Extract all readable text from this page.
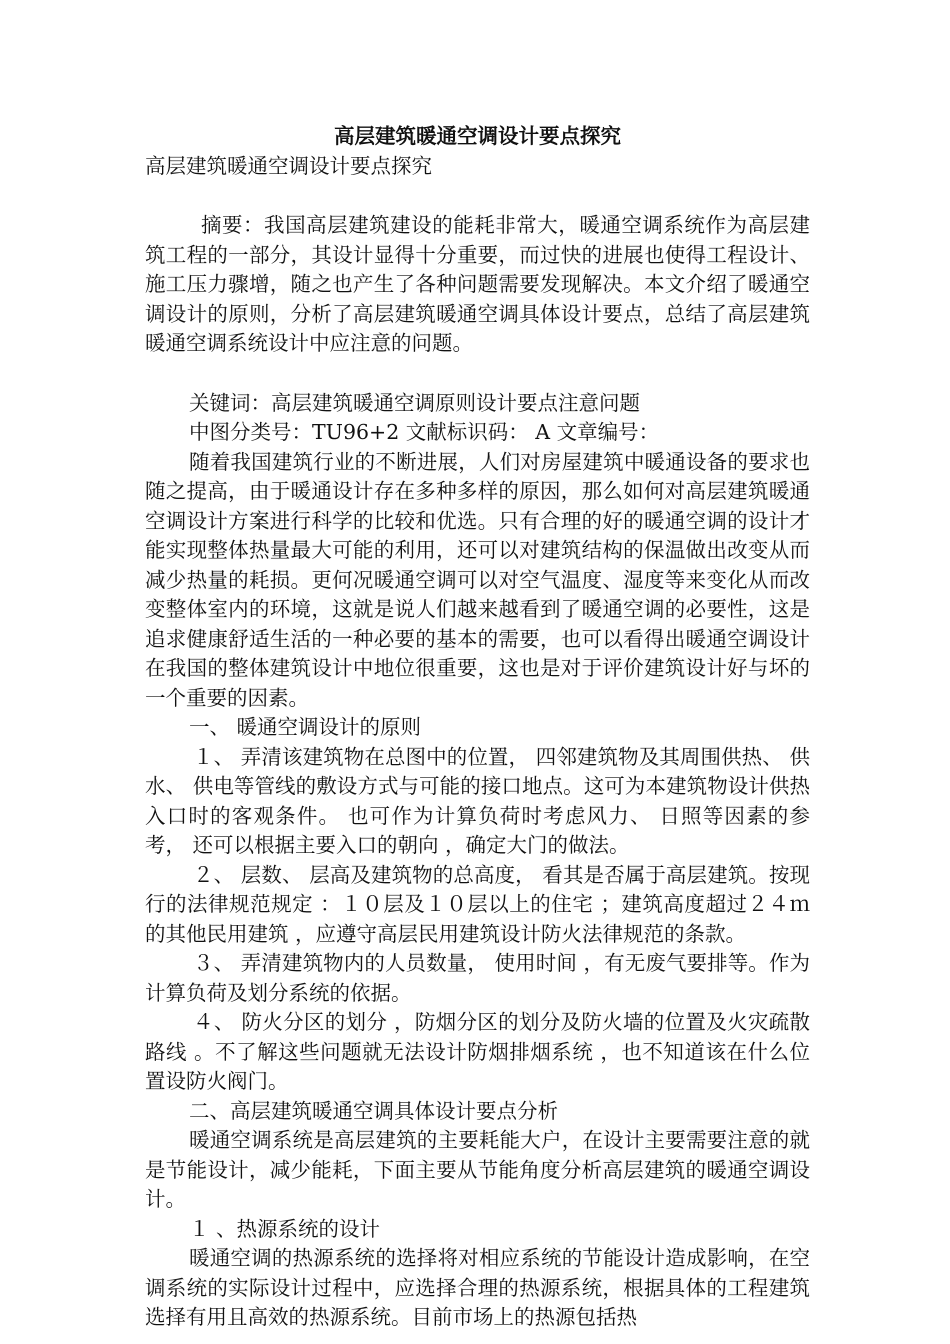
高层建筑暖通空调设计要点探究

高层建筑暖通空调设计要点探究

摘要：我国高层建筑建设的能耗非常大，暖通空调系统作为高层建筑工程的一部分，其设计显得十分重要，而过快的进展也使得工程设计、施工压力骤增，随之也产生了各种问题需要发现解决。本文介绍了暖通空调设计的原则，分析了高层建筑暖通空调具体设计要点，总结了高层建筑暖通空调系统设计中应注意的问题。

关键词：高层建筑暖通空调原则设计要点注意问题

中图分类号：TU96+2 文献标识码： A 文章编号：

随着我国建筑行业的不断进展，人们对房屋建筑中暖通设备的要求也随之提高，由于暖通设计存在多种多样的原因，那么如何对高层建筑暖通空调设计方案进行科学的比较和优选。只有合理的好的暖通空调的设计才能实现整体热量最大可能的利用，还可以对建筑结构的保温做出改变从而减少热量的耗损。更何况暖通空调可以对空气温度、湿度等来变化从而改变整体室内的环境，这就是说人们越来越看到了暖通空调的必要性，这是追求健康舒适生活的一种必要的基本的需要，也可以看得出暖通空调设计在我国的整体建筑设计中地位很重要，这也是对于评价建筑设计好与坏的一个重要的因素。

一、 暖通空调设计的原则

１、 弄清该建筑物在总图中的位置， 四邻建筑物及其周围供热、 供水、 供电等管线的敷设方式与可能的接口地点。这可为本建筑物设计供热入口时的客观条件。 也可作为计算负荷时考虑风力、 日照等因素的参考， 还可以根据主要入口的朝向 ，确定大门的做法。

２、 层数、 层高及建筑物的总高度， 看其是否属于高层建筑。按现行的法律规范规定 ：１０层及１０层以上的住宅 ；建筑高度超过２４ｍ的其他民用建筑 ，应遵守高层民用建筑设计防火法律规范的条款。

３、 弄清建筑物内的人员数量， 使用时间 ，有无废气要排等。作为计算负荷及划分系统的依据。

４、 防火分区的划分 ，防烟分区的划分及防火墙的位置及火灾疏散路线 。不了解这些问题就无法设计防烟排烟系统 ，也不知道该在什么位置设防火阀门。

二、高层建筑暖通空调具体设计要点分析

暖通空调系统是高层建筑的主要耗能大户，在设计主要需要注意的就是节能设计，减少能耗，下面主要从节能角度分析高层建筑的暖通空调设计。

１ 、热源系统的设计

暖通空调的热源系统的选择将对相应系统的节能设计造成影响，在空调系统的实际设计过程中，应选择合理的热源系统，根据具体的工程建筑选择有用且高效的热源系统。目前市场上的热源包括热
